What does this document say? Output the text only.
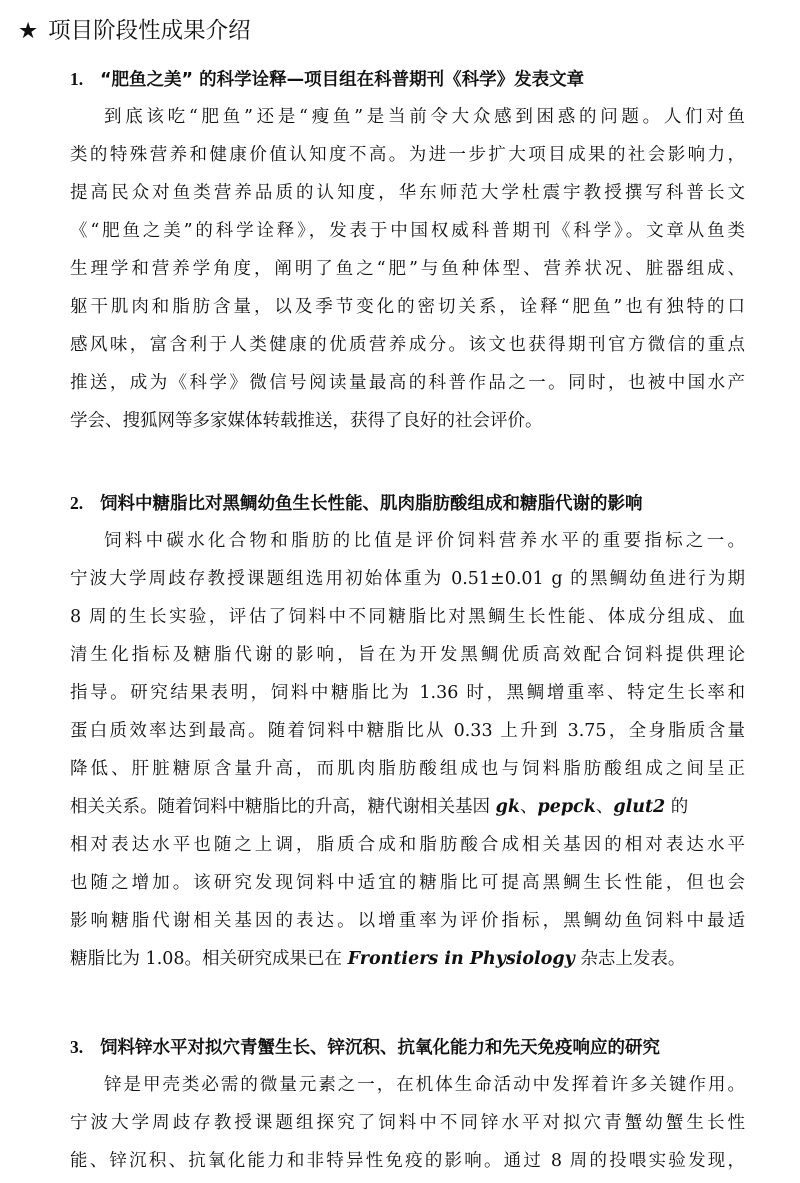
★ 项目阶段性成果介绍
1. “肥鱼之美” 的科学诠释—项目组在科普期刊《科学》发表文章
到底该吃“肥鱼”还是“瘦鱼”是当前令大众感到困惑的问题。人们对鱼
类的特殊营养和健康价值认知度不高。为进一步扩大项目成果的社会影响力，
提高民众对鱼类营养品质的认知度，华东师范大学杜震宇教授撰写科普长文
《“肥鱼之美”的科学诠释》，发表于中国权威科普期刊《科学》。文章从鱼类
生理学和营养学角度，阐明了鱼之“肥”与鱼种体型、营养状况、脏器组成、
躯干肌肉和脂肪含量，以及季节变化的密切关系，诠释“肥鱼”也有独特的口
感风味，富含利于人类健康的优质营养成分。该文也获得期刊官方微信的重点
推送，成为《科学》微信号阅读量最高的科普作品之一。同时，也被中国水产
学会、搜狐网等多家媒体转载推送，获得了良好的社会评价。
2. 饲料中糖脂比对黑鲷幼鱼生长性能、肌肉脂肪酸组成和糖脂代谢的影响
饲料中碳水化合物和脂肪的比值是评价饲料营养水平的重要指标之一。
宁波大学周歧存教授课题组选用初始体重为 0.51±0.01 g 的黑鲷幼鱼进行为期
8 周的生长实验，评估了饲料中不同糖脂比对黑鲷生长性能、体成分组成、血
清生化指标及糖脂代谢的影响，旨在为开发黑鲷优质高效配合饲料提供理论
指导。研究结果表明，饲料中糖脂比为 1.36 时，黑鲷增重率、特定生长率和
蛋白质效率达到最高。随着饲料中糖脂比从 0.33 上升到 3.75，全身脂质含量
降低、肝脏糖原含量升高，而肌肉脂肪酸组成也与饲料脂肪酸组成之间呈正
相关关系。随着饲料中糖脂比的升高，糖代谢相关基因 gk、pepck、glut2 的
相对表达水平也随之上调，脂质合成和脂肪酸合成相关基因的相对表达水平
也随之增加。该研究发现饲料中适宜的糖脂比可提高黑鲷生长性能，但也会
影响糖脂代谢相关基因的表达。以增重率为评价指标，黑鲷幼鱼饲料中最适
糖脂比为 1.08。相关研究成果已在 Frontiers in Physiology 杂志上发表。
3. 饲料锌水平对拟穴青蟹生长、锌沉积、抗氧化能力和先天免疫响应的研究
锌是甲壳类必需的微量元素之一，在机体生命活动中发挥着许多关键作用。
宁波大学周歧存教授课题组探究了饲料中不同锌水平对拟穴青蟹幼蟹生长性
能、锌沉积、抗氧化能力和非特异性免疫的影响。通过 8 周的投喂实验发现，
